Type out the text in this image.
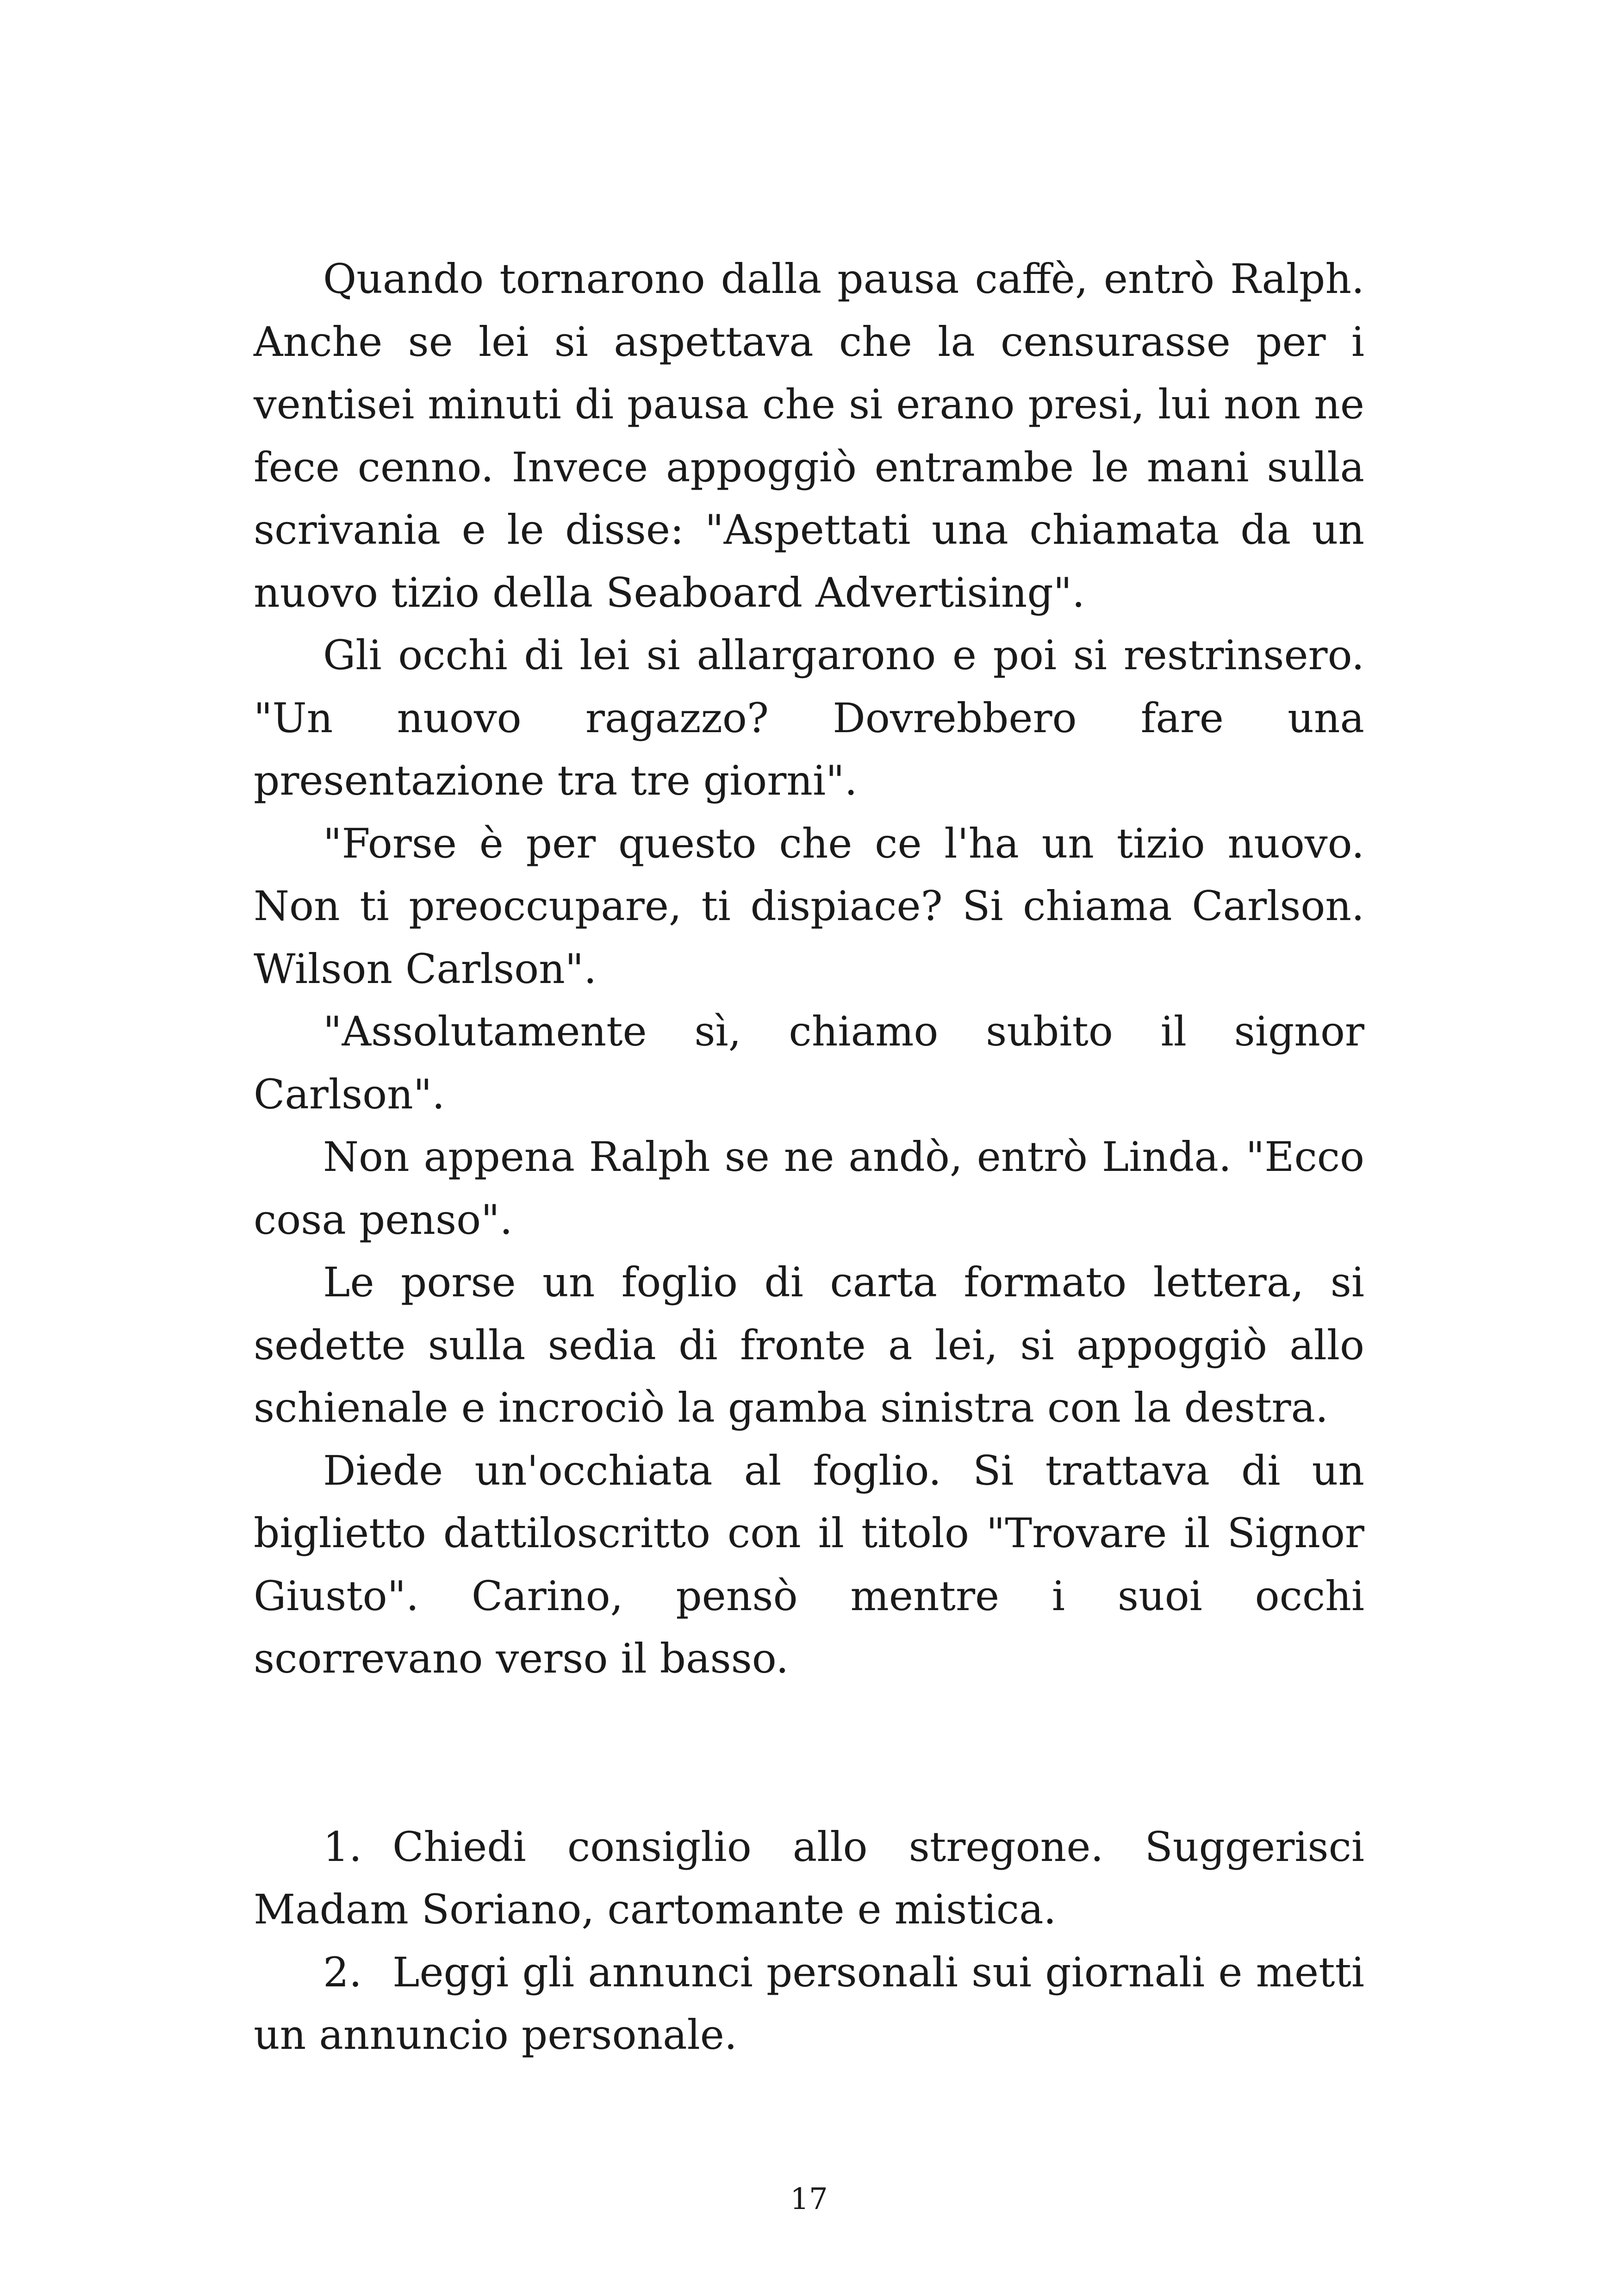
Quando tornarono dalla pausa caffè, entrò Ralph. Anche se lei si aspettava che la censurasse per i ventisei minuti di pausa che si erano presi, lui non ne fece cenno. Invece appoggiò entrambe le mani sulla scrivania e le disse: "Aspettati una chiamata da un nuovo tizio della Seaboard Advertising".

Gli occhi di lei si allargarono e poi si restrinsero. "Un nuovo ragazzo? Dovrebbero fare una presentazione tra tre giorni".

"Forse è per questo che ce l'ha un tizio nuovo. Non ti preoccupare, ti dispiace? Si chiama Carlson. Wilson Carlson".

"Assolutamente sì, chiamo subito il signor Carlson".

Non appena Ralph se ne andò, entrò Linda. "Ecco cosa penso".

Le porse un foglio di carta formato lettera, si sedette sulla sedia di fronte a lei, si appoggiò allo schienale e incrociò la gamba sinistra con la destra.

Diede un'occhiata al foglio. Si trattava di un biglietto dattiloscritto con il titolo "Trovare il Signor Giusto". Carino, pensò mentre i suoi occhi scorrevano verso il basso.

1. Chiedi consiglio allo stregone. Suggerisci Madam Soriano, cartomante e mistica.

2. Leggi gli annunci personali sui giornali e metti un annuncio personale.

17
